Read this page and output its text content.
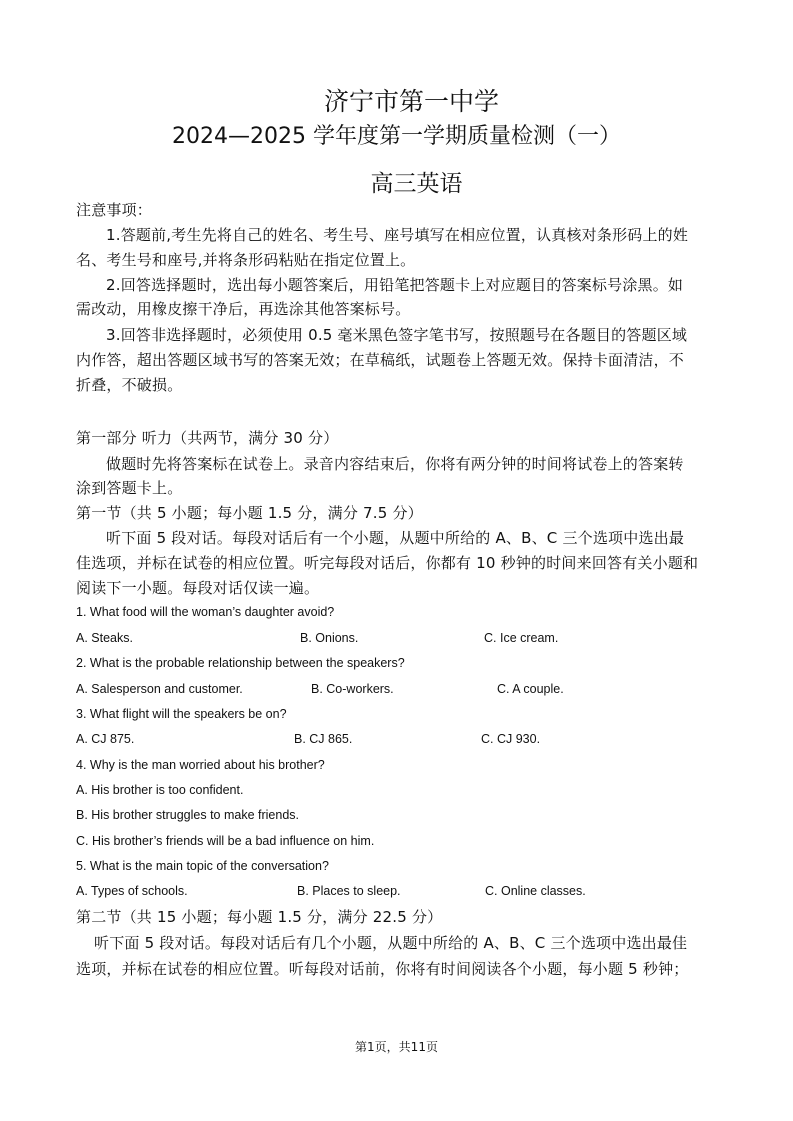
济宁市第一中学
2024—2025 学年度第一学期质量检测（一）
高三英语
注意事项：
1.答题前,考生先将自己的姓名、考生号、座号填写在相应位置，认真核对条形码上的姓
名、考生号和座号,并将条形码粘贴在指定位置上。
2.回答选择题时，选出每小题答案后，用铅笔把答题卡上对应题目的答案标号涂黑。如
需改动，用橡皮擦干净后，再选涂其他答案标号。
3.回答非选择题时，必须使用 0.5 毫米黑色签字笔书写，按照题号在各题目的答题区域
内作答，超出答题区域书写的答案无效；在草稿纸，试题卷上答题无效。保持卡面清洁，不
折叠，不破损。
第一部分 听力（共两节，满分 30 分）
做题时先将答案标在试卷上。录音内容结束后，你将有两分钟的时间将试卷上的答案转
涂到答题卡上。
第一节（共 5 小题；每小题 1.5 分，满分 7.5 分）
听下面 5 段对话。每段对话后有一个小题，从题中所给的 A、B、C 三个选项中选出最
佳选项，并标在试卷的相应位置。听完每段对话后，你都有 10 秒钟的时间来回答有关小题和
阅读下一小题。每段对话仅读一遍。
1. What food will the woman’s daughter avoid?
A. Steaks.	B. Onions.	C. Ice cream.
2. What is the probable relationship between the speakers?
A. Salesperson and customer.	B. Co-workers.	C. A couple.
3. What flight will the speakers be on?
A. CJ 875.	B. CJ 865.	C. CJ 930.
4. Why is the man worried about his brother?
A. His brother is too confident.
B. His brother struggles to make friends.
C. His brother’s friends will be a bad influence on him.
5. What is the main topic of the conversation?
A. Types of schools.	B. Places to sleep.	C. Online classes.
第二节（共 15 小题；每小题 1.5 分，满分 22.5 分）
听下面 5 段对话。每段对话后有几个小题，从题中所给的 A、B、C 三个选项中选出最佳
选项，并标在试卷的相应位置。听每段对话前，你将有时间阅读各个小题，每小题 5 秒钟；
第1页，共11页
